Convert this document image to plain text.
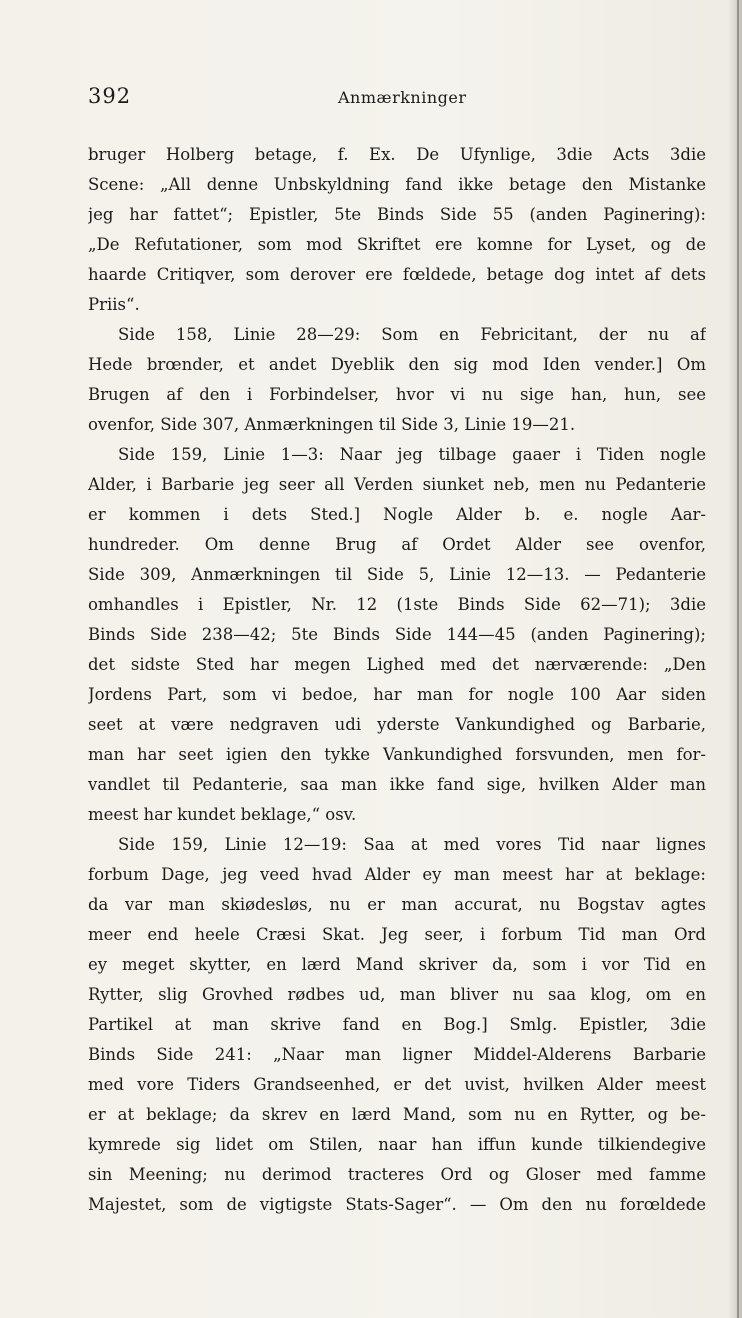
392	Anmærkninger
bruger Holberg betage, f. Ex. De Ufynlige, 3die Acts 3die
Scene: „All denne Unbskyldning fand ikke betage den Mistanke
jeg har fattet“; Epistler, 5te Binds Side 55 (anden Paginering):
„De Refutationer, som mod Skriftet ere komne for Lyset, og de
haarde Critiqver, som derover ere fœldede, betage dog intet af dets
Priis“.
Side 158, Linie 28—29: Som en Febricitant, der nu af
Hede brœnder, et andet Dyeblik den sig mod Iden vender.] Om
Brugen af den i Forbindelser, hvor vi nu sige han, hun, see
ovenfor, Side 307, Anmærkningen til Side 3, Linie 19—21.
Side 159, Linie 1—3: Naar jeg tilbage gaaer i Tiden nogle
Alder, i Barbarie jeg seer all Verden siunket neb, men nu Pedanterie
er kommen i dets Sted.] Nogle Alder b. e. nogle Aar-
hundreder. Om denne Brug af Ordet Alder see ovenfor,
Side 309, Anmærkningen til Side 5, Linie 12—13. — Pedanterie
omhandles i Epistler, Nr. 12 (1ste Binds Side 62—71); 3die
Binds Side 238—42; 5te Binds Side 144—45 (anden Paginering);
det sidste Sted har megen Lighed med det nærværende: „Den
Jordens Part, som vi bedoe, har man for nogle 100 Aar siden
seet at være nedgraven udi yderste Vankundighed og Barbarie,
man har seet igien den tykke Vankundighed forsvunden, men for-
vandlet til Pedanterie, saa man ikke fand sige, hvilken Alder man
meest har kundet beklage,“ osv.
Side 159, Linie 12—19: Saa at med vores Tid naar lignes
forbum Dage, jeg veed hvad Alder ey man meest har at beklage:
da var man skiødesløs, nu er man accurat, nu Bogstav agtes
meer end heele Cræsi Skat. Jeg seer, i forbum Tid man Ord
ey meget skytter, en lærd Mand skriver da, som i vor Tid en
Rytter, slig Grovhed rødbes ud, man bliver nu saa klog, om en
Partikel at man skrive fand en Bog.] Smlg. Epistler, 3die
Binds Side 241: „Naar man ligner Middel-Alderens Barbarie
med vore Tiders Grandseenhed, er det uvist, hvilken Alder meest
er at beklage; da skrev en lærd Mand, som nu en Rytter, og be-
kymrede sig lidet om Stilen, naar han iffun kunde tilkiendegive
sin Meening; nu derimod tracteres Ord og Gloser med famme
Majestet, som de vigtigste Stats-Sager“. — Om den nu forœldede
